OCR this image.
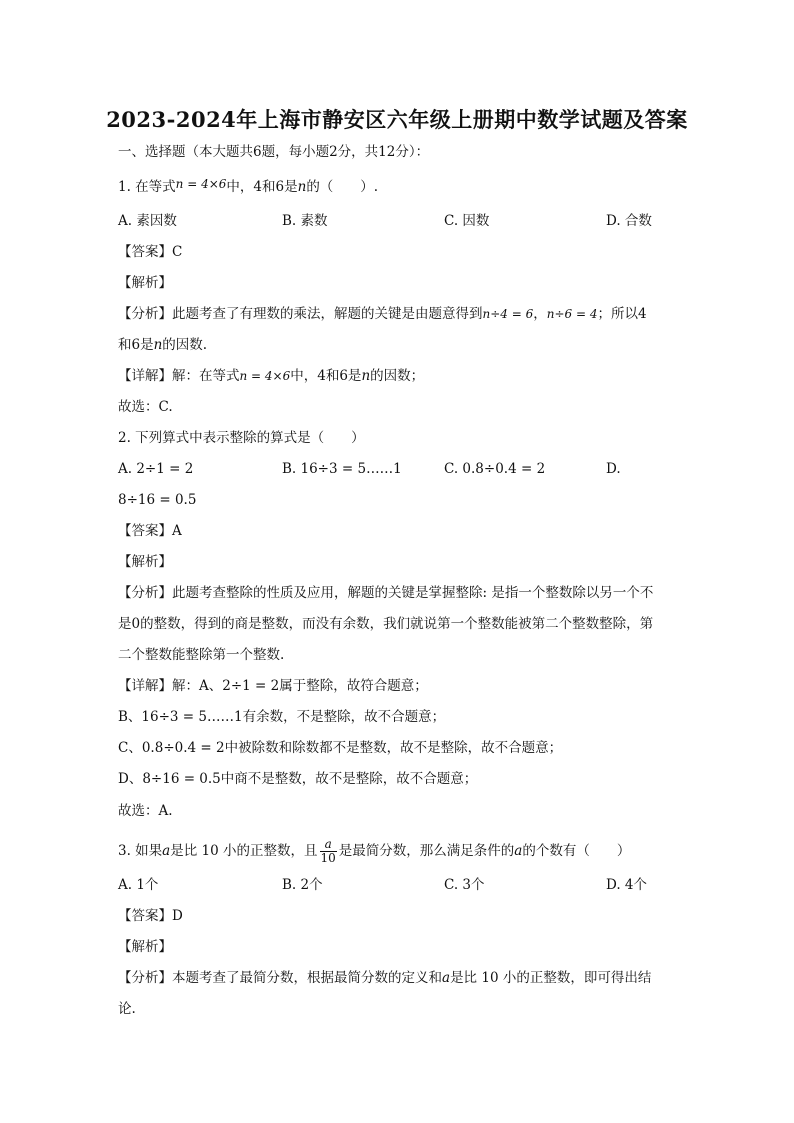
2023-2024年上海市静安区六年级上册期中数学试题及答案
一、选择题（本大题共6题，每小题2分，共12分）：
1. 在等式n = 4×6中，4和6是n的（　　）.
A. 素因数	B. 素数	C. 因数	D. 合数
【答案】C
【解析】
【分析】此题考查了有理数的乘法，解题的关键是由题意得到n÷4 = 6，n÷6 = 4；所以4
和6是n的因数.
【详解】解：在等式n = 4×6中，4和6是n的因数；
故选：C.
2. 下列算式中表示整除的算式是（　　）
A. 2÷1 = 2	B. 16÷3 = 5……1	C. 0.8÷0.4 = 2	D.
8÷16 = 0.5
【答案】A
【解析】
【分析】此题考查整除的性质及应用，解题的关键是掌握整除: 是指一个整数除以另一个不
是0的整数，得到的商是整数，而没有余数，我们就说第一个整数能被第二个整数整除，第
二个整数能整除第一个整数.
【详解】解：A、2÷1 = 2属于整除，故符合题意；
B、16÷3 = 5……1有余数，不是整除，故不合题意；
C、0.8÷0.4 = 2中被除数和除数都不是整数，故不是整除，故不合题意；
D、8÷16 = 0.5中商不是整数，故不是整除，故不合题意；
故选：A.
3. 如果a是比 10 小的正整数，且 $\frac{a}{10}$ 是最简分数，那么满足条件的a的个数有（　　）
A. 1个	B. 2个	C. 3个	D. 4个
【答案】D
【解析】
【分析】本题考查了最简分数，根据最简分数的定义和a是比 10 小的正整数，即可得出结
论.
